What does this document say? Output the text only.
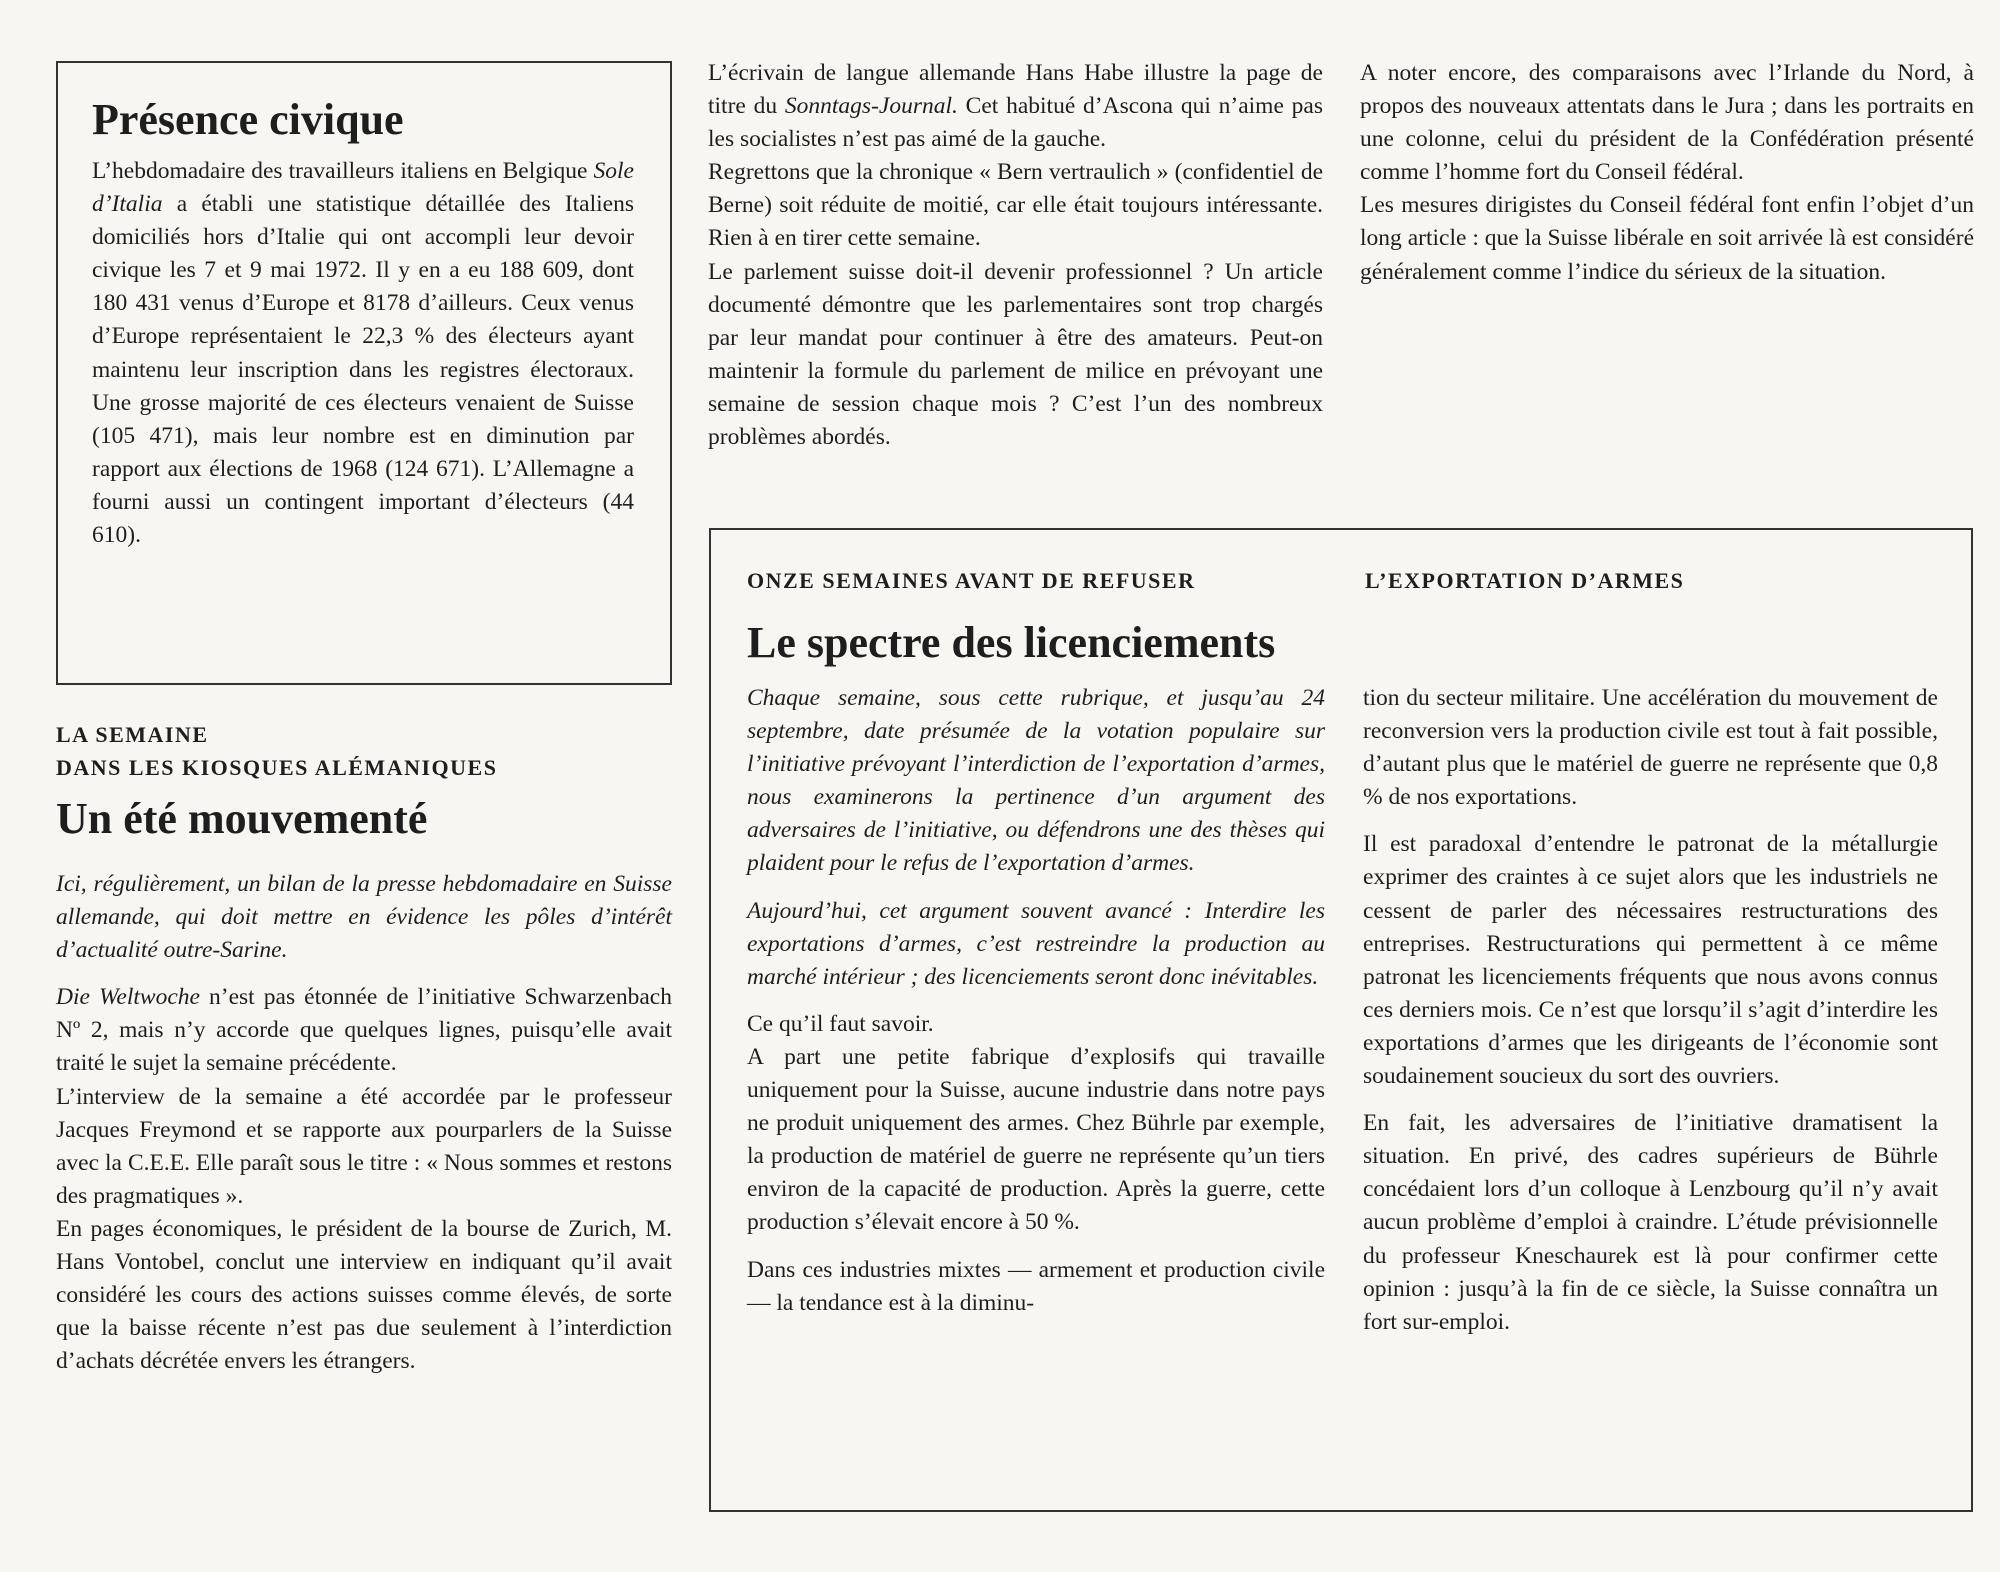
Présence civique

L’hebdomadaire des travailleurs italiens en Belgique Sole d’Italia a établi une statistique détaillée des Italiens domiciliés hors d’Italie qui ont accompli leur devoir civique les 7 et 9 mai 1972. Il y en a eu 188 609, dont 180 431 venus d’Europe et 8178 d’ailleurs. Ceux venus d’Europe représentaient le 22,3 % des électeurs ayant maintenu leur inscription dans les registres électoraux. Une grosse majorité de ces électeurs venaient de Suisse (105 471), mais leur nombre est en diminution par rapport aux élections de 1968 (124 671). L’Allemagne a fourni aussi un contingent important d’électeurs (44 610).

LA SEMAINE
DANS LES KIOSQUES ALÉMANIQUES
Un été mouvementé

Ici, régulièrement, un bilan de la presse hebdomadaire en Suisse allemande, qui doit mettre en évidence les pôles d’intérêt d’actualité outre-Sarine.

Die Weltwoche n’est pas étonnée de l’initiative Schwarzenbach Nº 2, mais n’y accorde que quelques lignes, puisqu’elle avait traité le sujet la semaine précédente.

L’interview de la semaine a été accordée par le professeur Jacques Freymond et se rapporte aux pourparlers de la Suisse avec la C.E.E. Elle paraît sous le titre : « Nous sommes et restons des pragmatiques ».

En pages économiques, le président de la bourse de Zurich, M. Hans Vontobel, conclut une interview en indiquant qu’il avait considéré les cours des actions suisses comme élevés, de sorte que la baisse récente n’est pas due seulement à l’interdiction d’achats décrétée envers les étrangers.

L’écrivain de langue allemande Hans Habe illustre la page de titre du Sonntags-Journal. Cet habitué d’Ascona qui n’aime pas les socialistes n’est pas aimé de la gauche.

Regrettons que la chronique « Bern vertraulich » (confidentiel de Berne) soit réduite de moitié, car elle était toujours intéressante. Rien à en tirer cette semaine.

Le parlement suisse doit-il devenir professionnel ? Un article documenté démontre que les parlementaires sont trop chargés par leur mandat pour continuer à être des amateurs. Peut-on maintenir la formule du parlement de milice en prévoyant une semaine de session chaque mois ? C’est l’un des nombreux problèmes abordés.

A noter encore, des comparaisons avec l’Irlande du Nord, à propos des nouveaux attentats dans le Jura ; dans les portraits en une colonne, celui du président de la Confédération présenté comme l’homme fort du Conseil fédéral.

Les mesures dirigistes du Conseil fédéral font enfin l’objet d’un long article : que la Suisse libérale en soit arrivée là est considéré généralement comme l’indice du sérieux de la situation.

ONZE SEMAINES AVANT DE REFUSER	L’EXPORTATION D’ARMES
Le spectre des licenciements

Chaque semaine, sous cette rubrique, et jusqu’au 24 septembre, date présumée de la votation populaire sur l’initiative prévoyant l’interdiction de l’exportation d’armes, nous examinerons la pertinence d’un argument des adversaires de l’initiative, ou défendrons une des thèses qui plaident pour le refus de l’exportation d’armes.

Aujourd’hui, cet argument souvent avancé : Interdire les exportations d’armes, c’est restreindre la production au marché intérieur ; des licenciements seront donc inévitables.

Ce qu’il faut savoir.

A part une petite fabrique d’explosifs qui travaille uniquement pour la Suisse, aucune industrie dans notre pays ne produit uniquement des armes. Chez Bührle par exemple, la production de matériel de guerre ne représente qu’un tiers environ de la capacité de production. Après la guerre, cette production s’élevait encore à 50 %.

Dans ces industries mixtes — armement et production civile — la tendance est à la diminu-

tion du secteur militaire. Une accélération du mouvement de reconversion vers la production civile est tout à fait possible, d’autant plus que le matériel de guerre ne représente que 0,8 % de nos exportations.

Il est paradoxal d’entendre le patronat de la métallurgie exprimer des craintes à ce sujet alors que les industriels ne cessent de parler des nécessaires restructurations des entreprises. Restructurations qui permettent à ce même patronat les licenciements fréquents que nous avons connus ces derniers mois. Ce n’est que lorsqu’il s’agit d’interdire les exportations d’armes que les dirigeants de l’économie sont soudainement soucieux du sort des ouvriers.

En fait, les adversaires de l’initiative dramatisent la situation. En privé, des cadres supérieurs de Bührle concédaient lors d’un colloque à Lenzbourg qu’il n’y avait aucun problème d’emploi à craindre. L’étude prévisionnelle du professeur Kneschaurek est là pour confirmer cette opinion : jusqu’à la fin de ce siècle, la Suisse connaîtra un fort sur-emploi.
